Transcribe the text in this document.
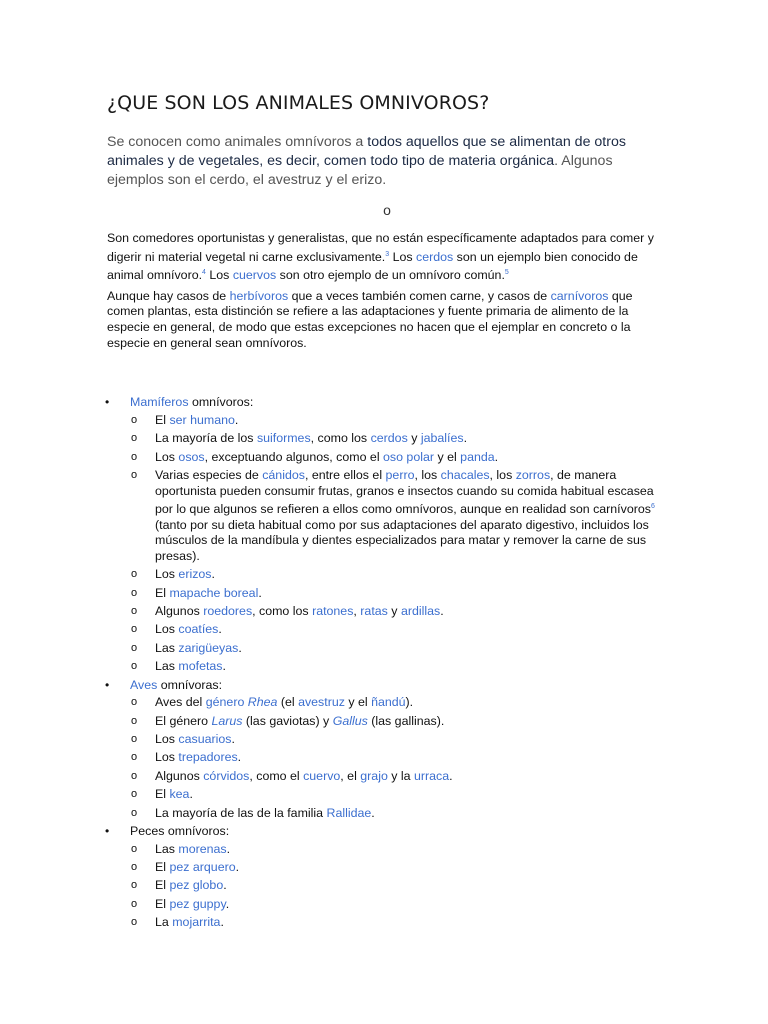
¿QUE SON LOS ANIMALES OMNIVOROS?
Se conocen como animales omnívoros a todos aquellos que se alimentan de otros animales y de vegetales, es decir, comen todo tipo de materia orgánica. Algunos ejemplos son el cerdo, el avestruz y el erizo.
o
Son comedores oportunistas y generalistas, que no están específicamente adaptados para comer y digerir ni material vegetal ni carne exclusivamente.$^3$ Los cerdos son un ejemplo bien conocido de animal omnívoro.$^4$ Los cuervos son otro ejemplo de un omnívoro común.$^5$
Aunque hay casos de herbívoros que a veces también comen carne, y casos de carnívoros que comen plantas, esta distinción se refiere a las adaptaciones y fuente primaria de alimento de la especie en general, de modo que estas excepciones no hacen que el ejemplar en concreto o la especie en general sean omnívoros.
• Mamíferos omnívoros:
o El ser humano.
o La mayoría de los suiformes, como los cerdos y jabalíes.
o Los osos, exceptuando algunos, como el oso polar y el panda.
o Varias especies de cánidos, entre ellos el perro, los chacales, los zorros, de manera oportunista pueden consumir frutas, granos e insectos cuando su comida habitual escasea por lo que algunos se refieren a ellos como omnívoros, aunque en realidad son carnívoros$^6$ (tanto por su dieta habitual como por sus adaptaciones del aparato digestivo, incluidos los músculos de la mandíbula y dientes especializados para matar y remover la carne de sus presas).
o Los erizos.
o El mapache boreal.
o Algunos roedores, como los ratones, ratas y ardillas.
o Los coatíes.
o Las zarigüeyas.
o Las mofetas.
• Aves omnívoras:
o Aves del género Rhea (el avestruz y el ñandú).
o El género Larus (las gaviotas) y Gallus (las gallinas).
o Los casuarios.
o Los trepadores.
o Algunos córvidos, como el cuervo, el grajo y la urraca.
o El kea.
o La mayoría de las de la familia Rallidae.
• Peces omnívoros:
o Las morenas.
o El pez arquero.
o El pez globo.
o El pez guppy.
o La mojarrita.
